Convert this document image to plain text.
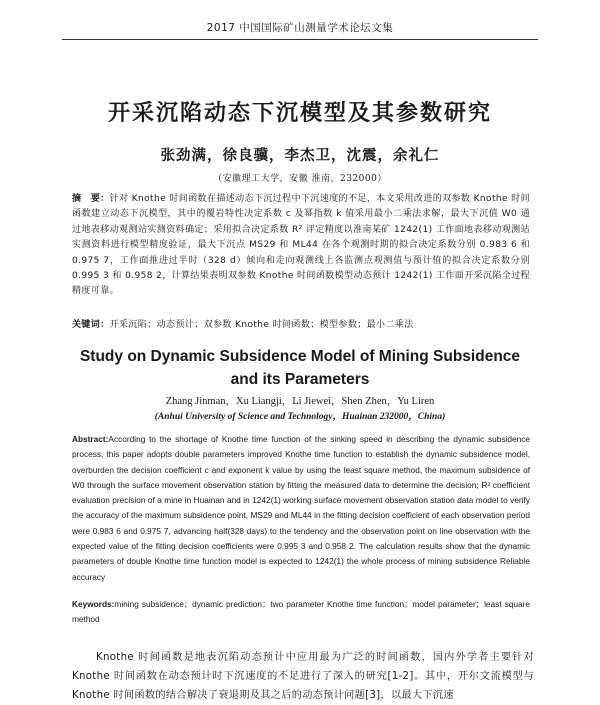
2017 中国国际矿山测量学术论坛文集
开采沉陷动态下沉模型及其参数研究
张劲满，徐良骥，李杰卫，沈震，余礼仁
（安徽理工大学，安徽 淮南，232000）
摘　要：针对 Knothe 时间函数在描述动态下沉过程中下沉速度的不足，本文采用改进的双参数 Knothe 时间函数建立动态下沉模型，其中的覆岩特性决定系数 c 及幂指数 k 值采用最小二乘法求解，最大下沉值 W0 通过地表移动观测站实测资料确定；采用拟合决定系数 R² 评定精度以淮南某矿 1242(1) 工作面地表移动观测站实测资料进行模型精度验证，最大下沉点 MS29 和 ML44 在各个观测时期的拟合决定系数分别 0.983 6 和 0.975 7，工作面推进过半时（328 d）倾向和走向观测线上各监测点观测值与预计值的拟合决定系数分别 0.995 3 和 0.958 2，计算结果表明双参数 Knothe 时间函数模型动态预计 1242(1) 工作面开采沉陷全过程精度可靠。
关键词：开采沉陷；动态预计；双参数 Knothe 时间函数；模型参数；最小二乘法
Study on Dynamic Subsidence Model of Mining Subsidence
and its Parameters
Zhang Jinman，Xu Liangji，Li Jiewei，Shen Zhen，Yu Liren
(Anhui University of Science and Technology，Huainan 232000，China)
Abstract:According to the shortage of Knothe time function of the sinking speed in describing the dynamic subsidence process, this paper adopts double parameters improved Knothe time function to establish the dynamic subsidence model, overburden the decision coefficient c and exponent k value by using the least square method, the maximum subsidence of W0 through the surface movement observation station by fitting the measured data to determine the decision; R² coefficient evaluation precision of a mine in Huainan and in 1242(1) working surface movement observation station data model to verify the accuracy of the maximum subsidence point, MS29 and ML44 in the fitting decision coefficient of each observation period were 0.983 6 and 0.975 7, advancing half(328 days) to the tendency and the observation point on line observation with the expected value of the fitting decision coefficients were 0.995 3 and 0.958 2. The calculation results show that the dynamic parameters of double Knothe time function model is expected to 1242(1) the whole process of mining subsidence Reliable accuracy
Keywords:mining subsidence；dynamic prediction；two parameter Knothe time function；model parameter；least square method
Knothe 时间函数是地表沉陷动态预计中应用最为广泛的时间函数，国内外学者主要针对 Knothe 时间函数在动态预计时下沉速度的不足进行了深入的研究[1-2]。其中，开尔文流模型与 Knothe 时间函数的结合解决了衰退期及其之后的动态预计问题[3]，以最大下沉速
